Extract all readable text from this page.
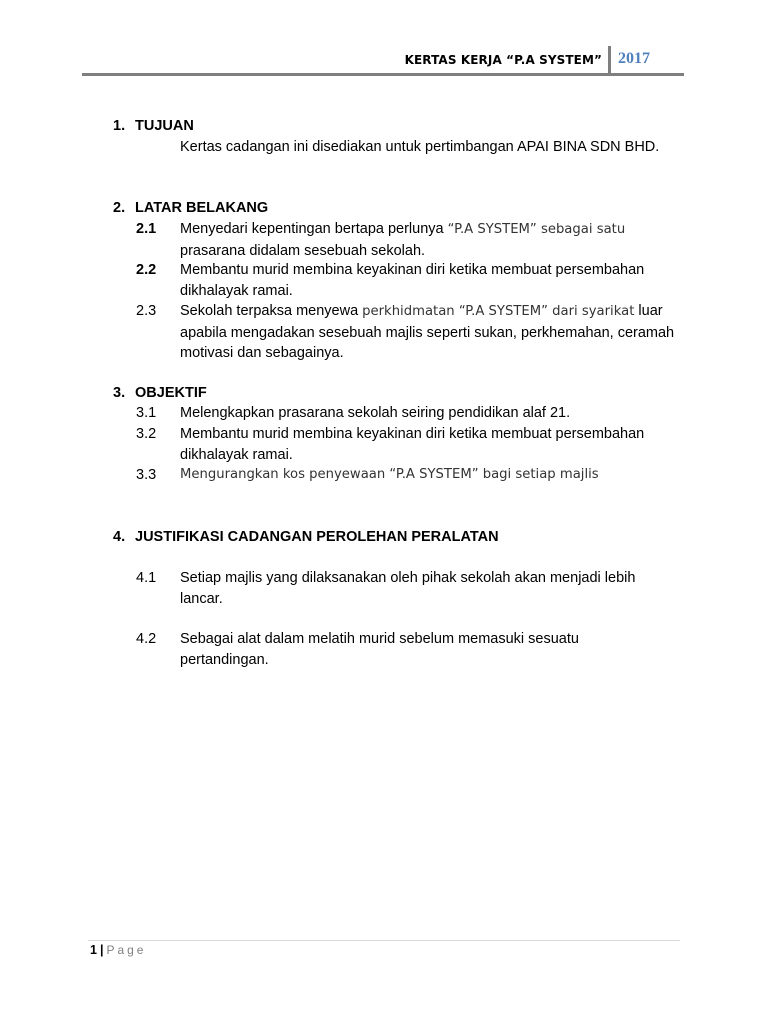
KERTAS KERJA “P.A SYSTEM” 2017
1. TUJUAN
Kertas cadangan ini disediakan untuk pertimbangan APAI BINA SDN BHD.
2. LATAR BELAKANG
2.1 Menyedari kepentingan bertapa perlunya “P.A SYSTEM” sebagai satu prasarana didalam sesebuah sekolah.
2.2 Membantu murid membina keyakinan diri ketika membuat persembahan dikhalayak ramai.
2.3 Sekolah terpaksa menyewa perkhidmatan “P.A SYSTEM” dari syarikat luar apabila mengadakan sesebuah majlis seperti sukan, perkhemahan, ceramah motivasi dan sebagainya.
3. OBJEKTIF
3.1 Melengkapkan prasarana sekolah seiring pendidikan alaf 21.
3.2 Membantu murid membina keyakinan diri ketika membuat persembahan dikhalayak ramai.
3.3 Mengurangkan kos penyewaan “P.A SYSTEM” bagi setiap majlis
4. JUSTIFIKASI CADANGAN PEROLEHAN PERALATAN
4.1 Setiap majlis yang dilaksanakan oleh pihak sekolah akan menjadi lebih lancar.
4.2 Sebagai alat dalam melatih murid sebelum memasuki sesuatu pertandingan.
1 | Page
